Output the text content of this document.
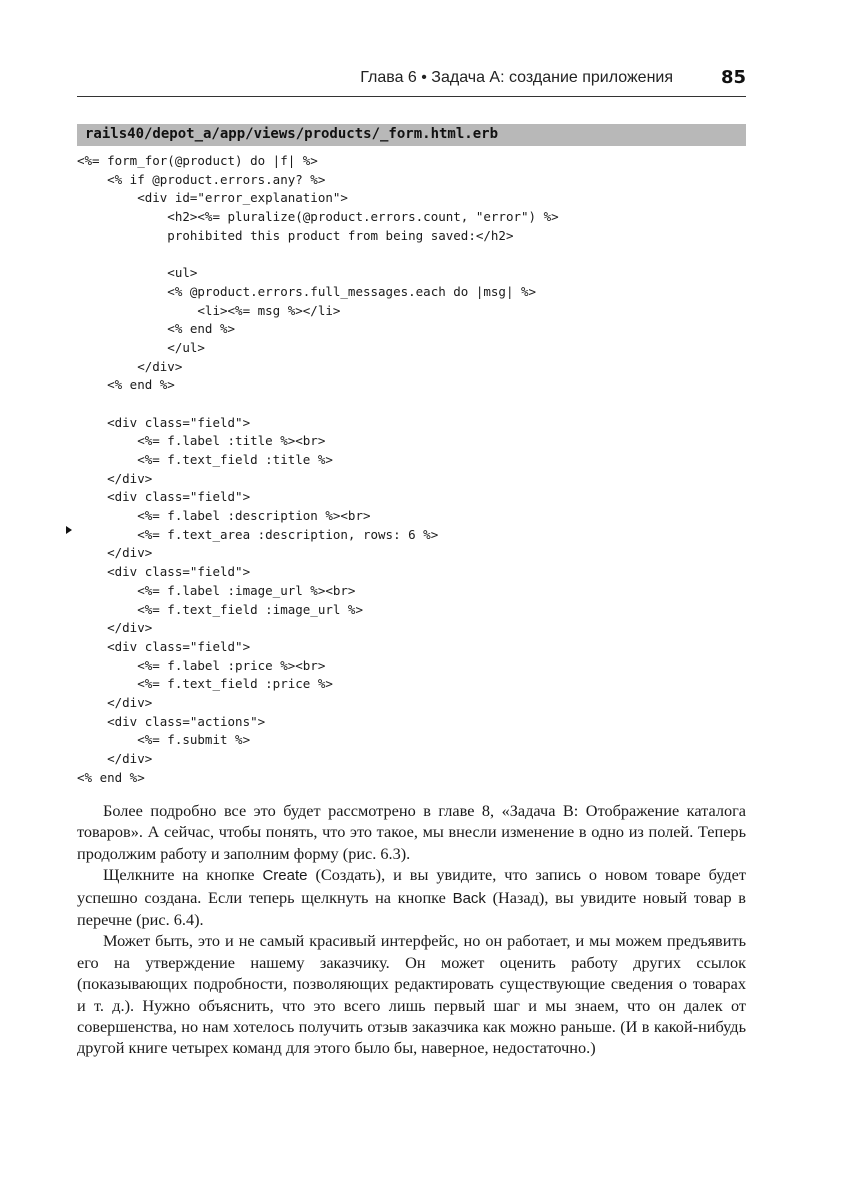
Глава 6 • Задача А: создание приложения	85
rails40/depot_a/app/views/products/_form.html.erb
<%= form_for(@product) do |f| %>
<% if @product.errors.any? %>
<div id="error_explanation">
<h2><%= pluralize(@product.errors.count, "error") %>
prohibited this product from being saved:</h2>
<ul>
<% @product.errors.full_messages.each do |msg| %>
<li><%= msg %></li>
<% end %>
</ul>
</div>
<% end %>
<div class="field">
<%= f.label :title %><br>
<%= f.text_field :title %>
</div>
<div class="field">
<%= f.label :description %><br>
<%= f.text_area :description, rows: 6 %>
</div>
<div class="field">
<%= f.label :image_url %><br>
<%= f.text_field :image_url %>
</div>
<div class="field">
<%= f.label :price %><br>
<%= f.text_field :price %>
</div>
<div class="actions">
<%= f.submit %>
</div>
<% end %>

Более подробно все это будет рассмотрено в главе 8, «Задача B: Отображение каталога товаров». А сейчас, чтобы понять, что это такое, мы внесли изменение в одно из полей. Теперь продолжим работу и заполним форму (рис. 6.3).

Щелкните на кнопке Create (Создать), и вы увидите, что запись о новом товаре будет успешно создана. Если теперь щелкнуть на кнопке Back (Назад), вы увидите новый товар в перечне (рис. 6.4).

Может быть, это и не самый красивый интерфейс, но он работает, и мы можем предъявить его на утверждение нашему заказчику. Он может оценить работу других ссылок (показывающих подробности, позволяющих редактировать существующие сведения о товарах и т. д.). Нужно объяснить, что это всего лишь первый шаг и мы знаем, что он далек от совершенства, но нам хотелось получить отзыв заказчика как можно раньше. (И в какой-нибудь другой книге четырех команд для этого было бы, наверное, недостаточно.)
